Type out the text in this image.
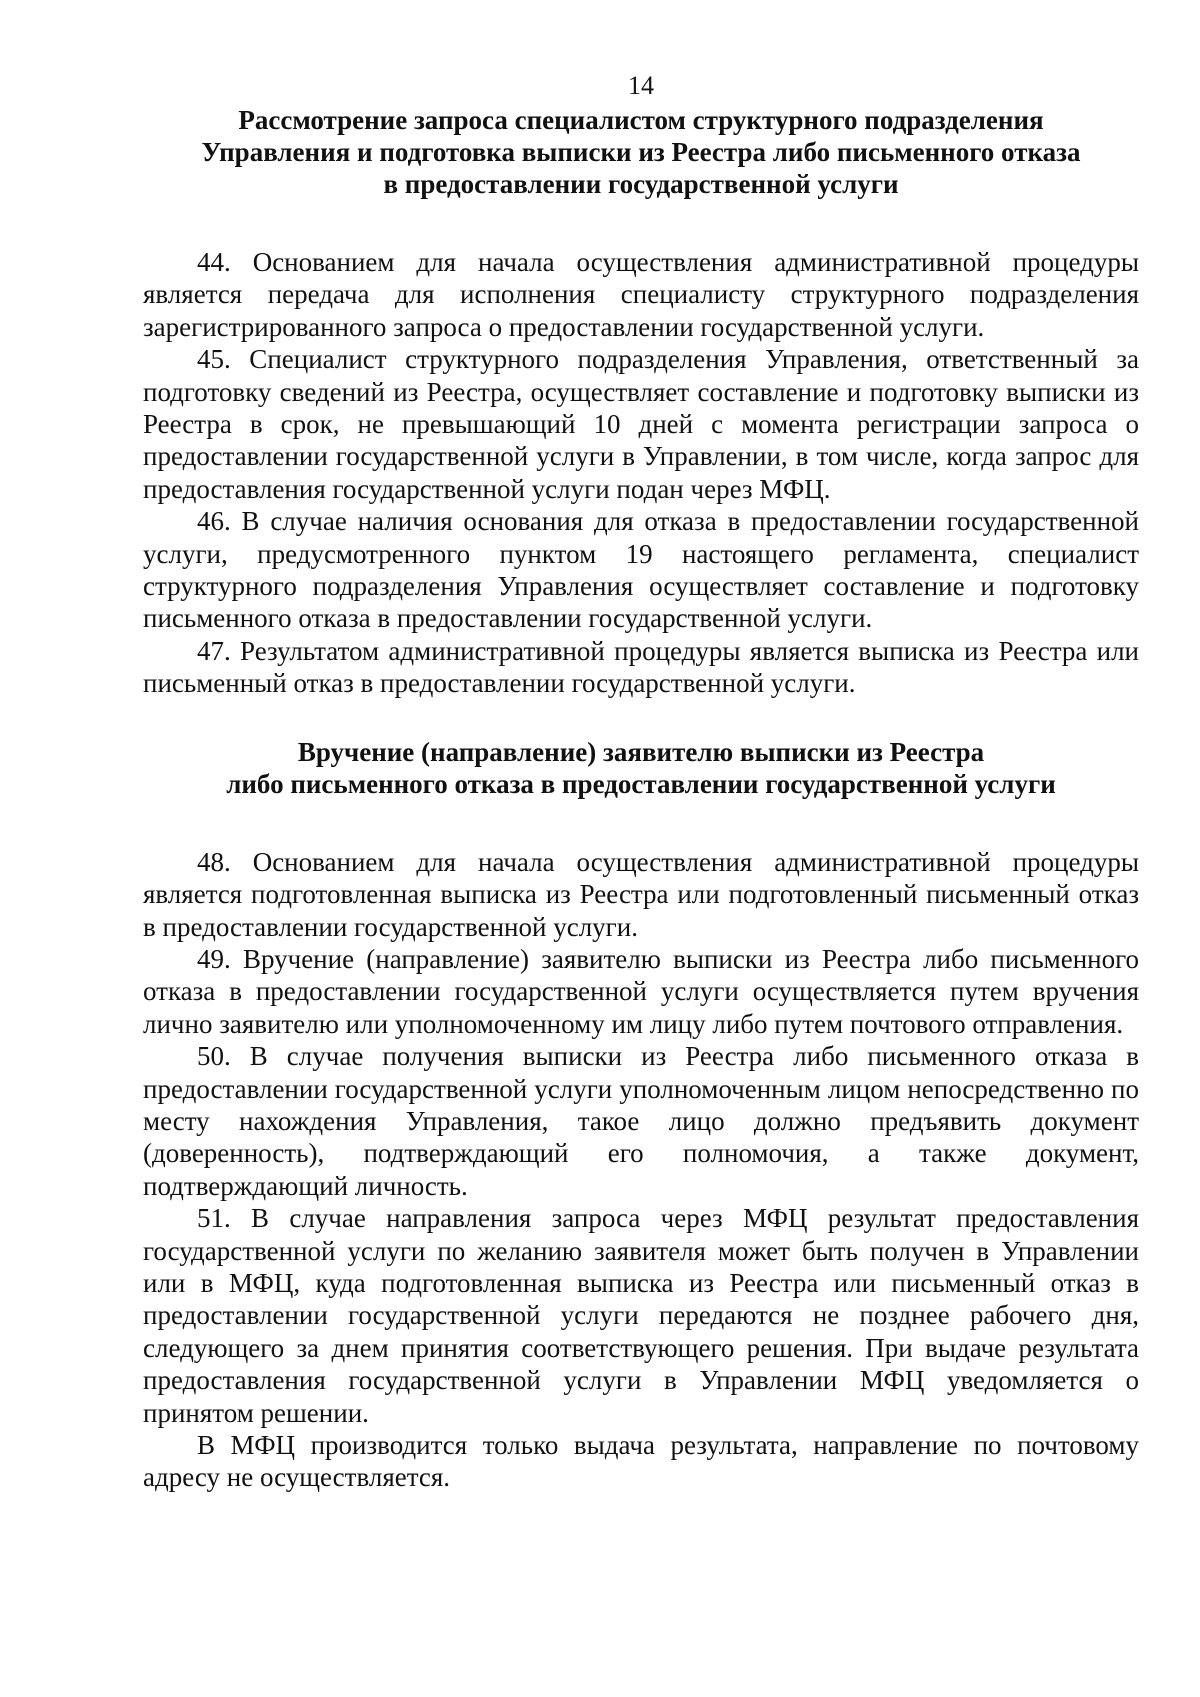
14
Рассмотрение запроса специалистом структурного подразделения
Управления и подготовка выписки из Реестра либо письменного отказа
в предоставлении государственной услуги

44. Основанием для начала осуществления административной процедуры является передача для исполнения специалисту структурного подразделения зарегистрированного запроса о предоставлении государственной услуги.

45. Специалист структурного подразделения Управления, ответственный за подготовку сведений из Реестра, осуществляет составление и подготовку выписки из Реестра в срок, не превышающий 10 дней с момента регистрации запроса о предоставлении государственной услуги в Управлении, в том числе, когда запрос для предоставления государственной услуги подан через МФЦ.

46. В случае наличия основания для отказа в предоставлении государственной услуги, предусмотренного пунктом 19 настоящего регламента, специалист структурного подразделения Управления осуществляет составление и подготовку письменного отказа в предоставлении государственной услуги.

47. Результатом административной процедуры является выписка из Реестра или письменный отказ в предоставлении государственной услуги.

Вручение (направление) заявителю выписки из Реестра
либо письменного отказа в предоставлении государственной услуги

48. Основанием для начала осуществления административной процедуры является подготовленная выписка из Реестра или подготовленный письменный отказ в предоставлении государственной услуги.

49. Вручение (направление) заявителю выписки из Реестра либо письменного отказа в предоставлении государственной услуги осуществляется путем вручения лично заявителю или уполномоченному им лицу либо путем почтового отправления.

50. В случае получения выписки из Реестра либо письменного отказа в предоставлении государственной услуги уполномоченным лицом непосредственно по месту нахождения Управления, такое лицо должно предъявить документ (доверенность), подтверждающий его полномочия, а также документ, подтверждающий личность.

51. В случае направления запроса через МФЦ результат предоставления государственной услуги по желанию заявителя может быть получен в Управлении или в МФЦ, куда подготовленная выписка из Реестра или письменный отказ в предоставлении государственной услуги передаются не позднее рабочего дня, следующего за днем принятия соответствующего решения. При выдаче результата предоставления государственной услуги в Управлении МФЦ уведомляется о принятом решении.

В МФЦ производится только выдача результата, направление по почтовому адресу не осуществляется.
